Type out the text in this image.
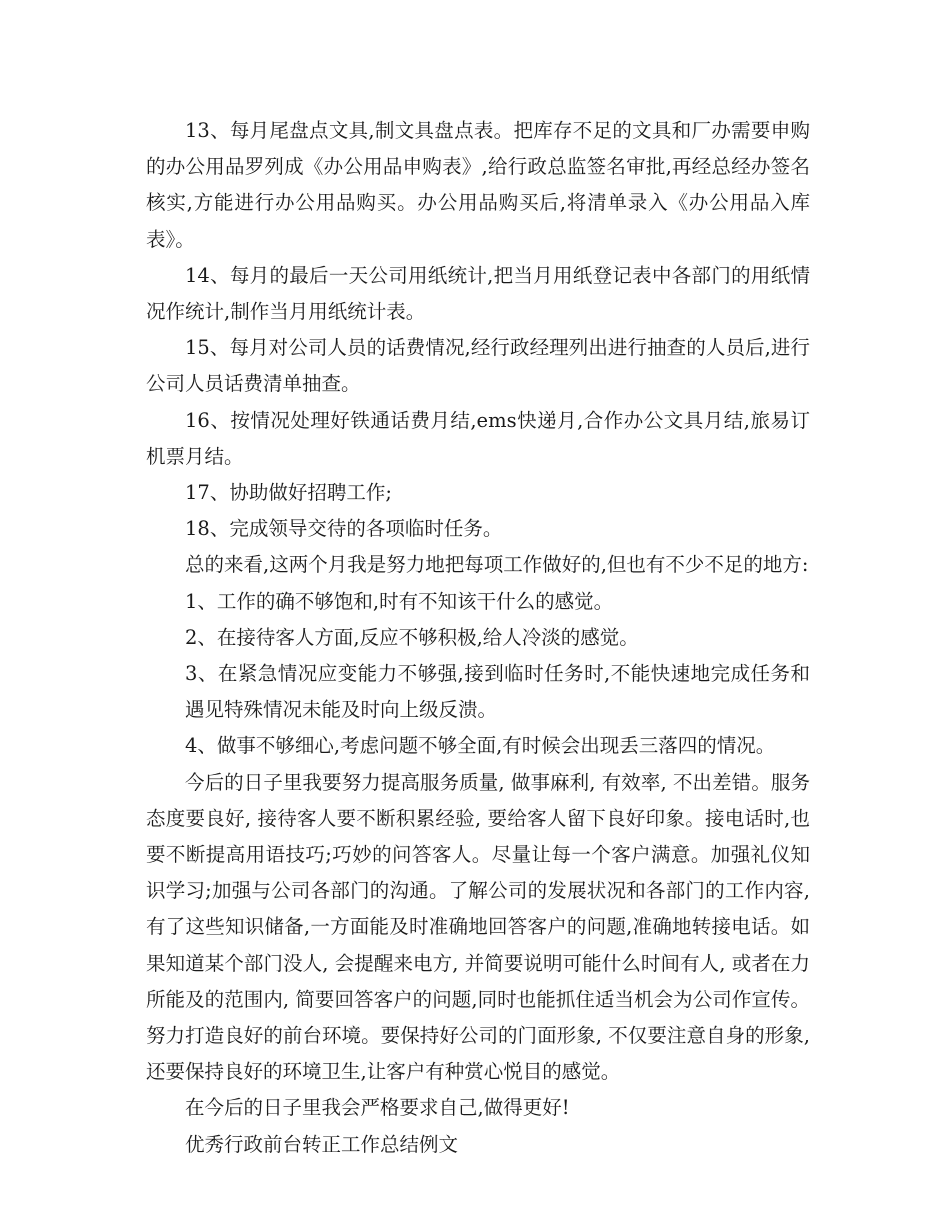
13、每月尾盘点文具,制文具盘点表。把库存不足的文具和厂办需要申购的办公用品罗列成《办公用品申购表》,给行政总监签名审批,再经总经办签名核实,方能进行办公用品购买。办公用品购买后,将清单录入《办公用品入库表》。

14、每月的最后一天公司用纸统计,把当月用纸登记表中各部门的用纸情况作统计,制作当月用纸统计表。

15、每月对公司人员的话费情况,经行政经理列出进行抽查的人员后,进行公司人员话费清单抽查。

16、按情况处理好铁通话费月结,ems快递月,合作办公文具月结,旅易订机票月结。

17、协助做好招聘工作;

18、完成领导交待的各项临时任务。

总的来看,这两个月我是努力地把每项工作做好的,但也有不少不足的地方:

1、工作的确不够饱和,时有不知该干什么的感觉。

2、在接待客人方面,反应不够积极,给人冷淡的感觉。

3、在紧急情况应变能力不够强,接到临时任务时,不能快速地完成任务和遇见特殊情况未能及时向上级反溃。

4、做事不够细心,考虑问题不够全面,有时候会出现丢三落四的情况。

今后的日子里我要努力提高服务质量, 做事麻利, 有效率, 不出差错。服务态度要良好, 接待客人要不断积累经验, 要给客人留下良好印象。接电话时,也要不断提高用语技巧;巧妙的问答客人。尽量让每一个客户满意。加强礼仪知识学习;加强与公司各部门的沟通。了解公司的发展状况和各部门的工作内容,有了这些知识储备,一方面能及时准确地回答客户的问题,准确地转接电话。如果知道某个部门没人, 会提醒来电方, 并简要说明可能什么时间有人, 或者在力所能及的范围内, 简要回答客户的问题,同时也能抓住适当机会为公司作宣传。努力打造良好的前台环境。要保持好公司的门面形象, 不仅要注意自身的形象, 还要保持良好的环境卫生,让客户有种赏心悦目的感觉。

在今后的日子里我会严格要求自己,做得更好!

优秀行政前台转正工作总结例文
